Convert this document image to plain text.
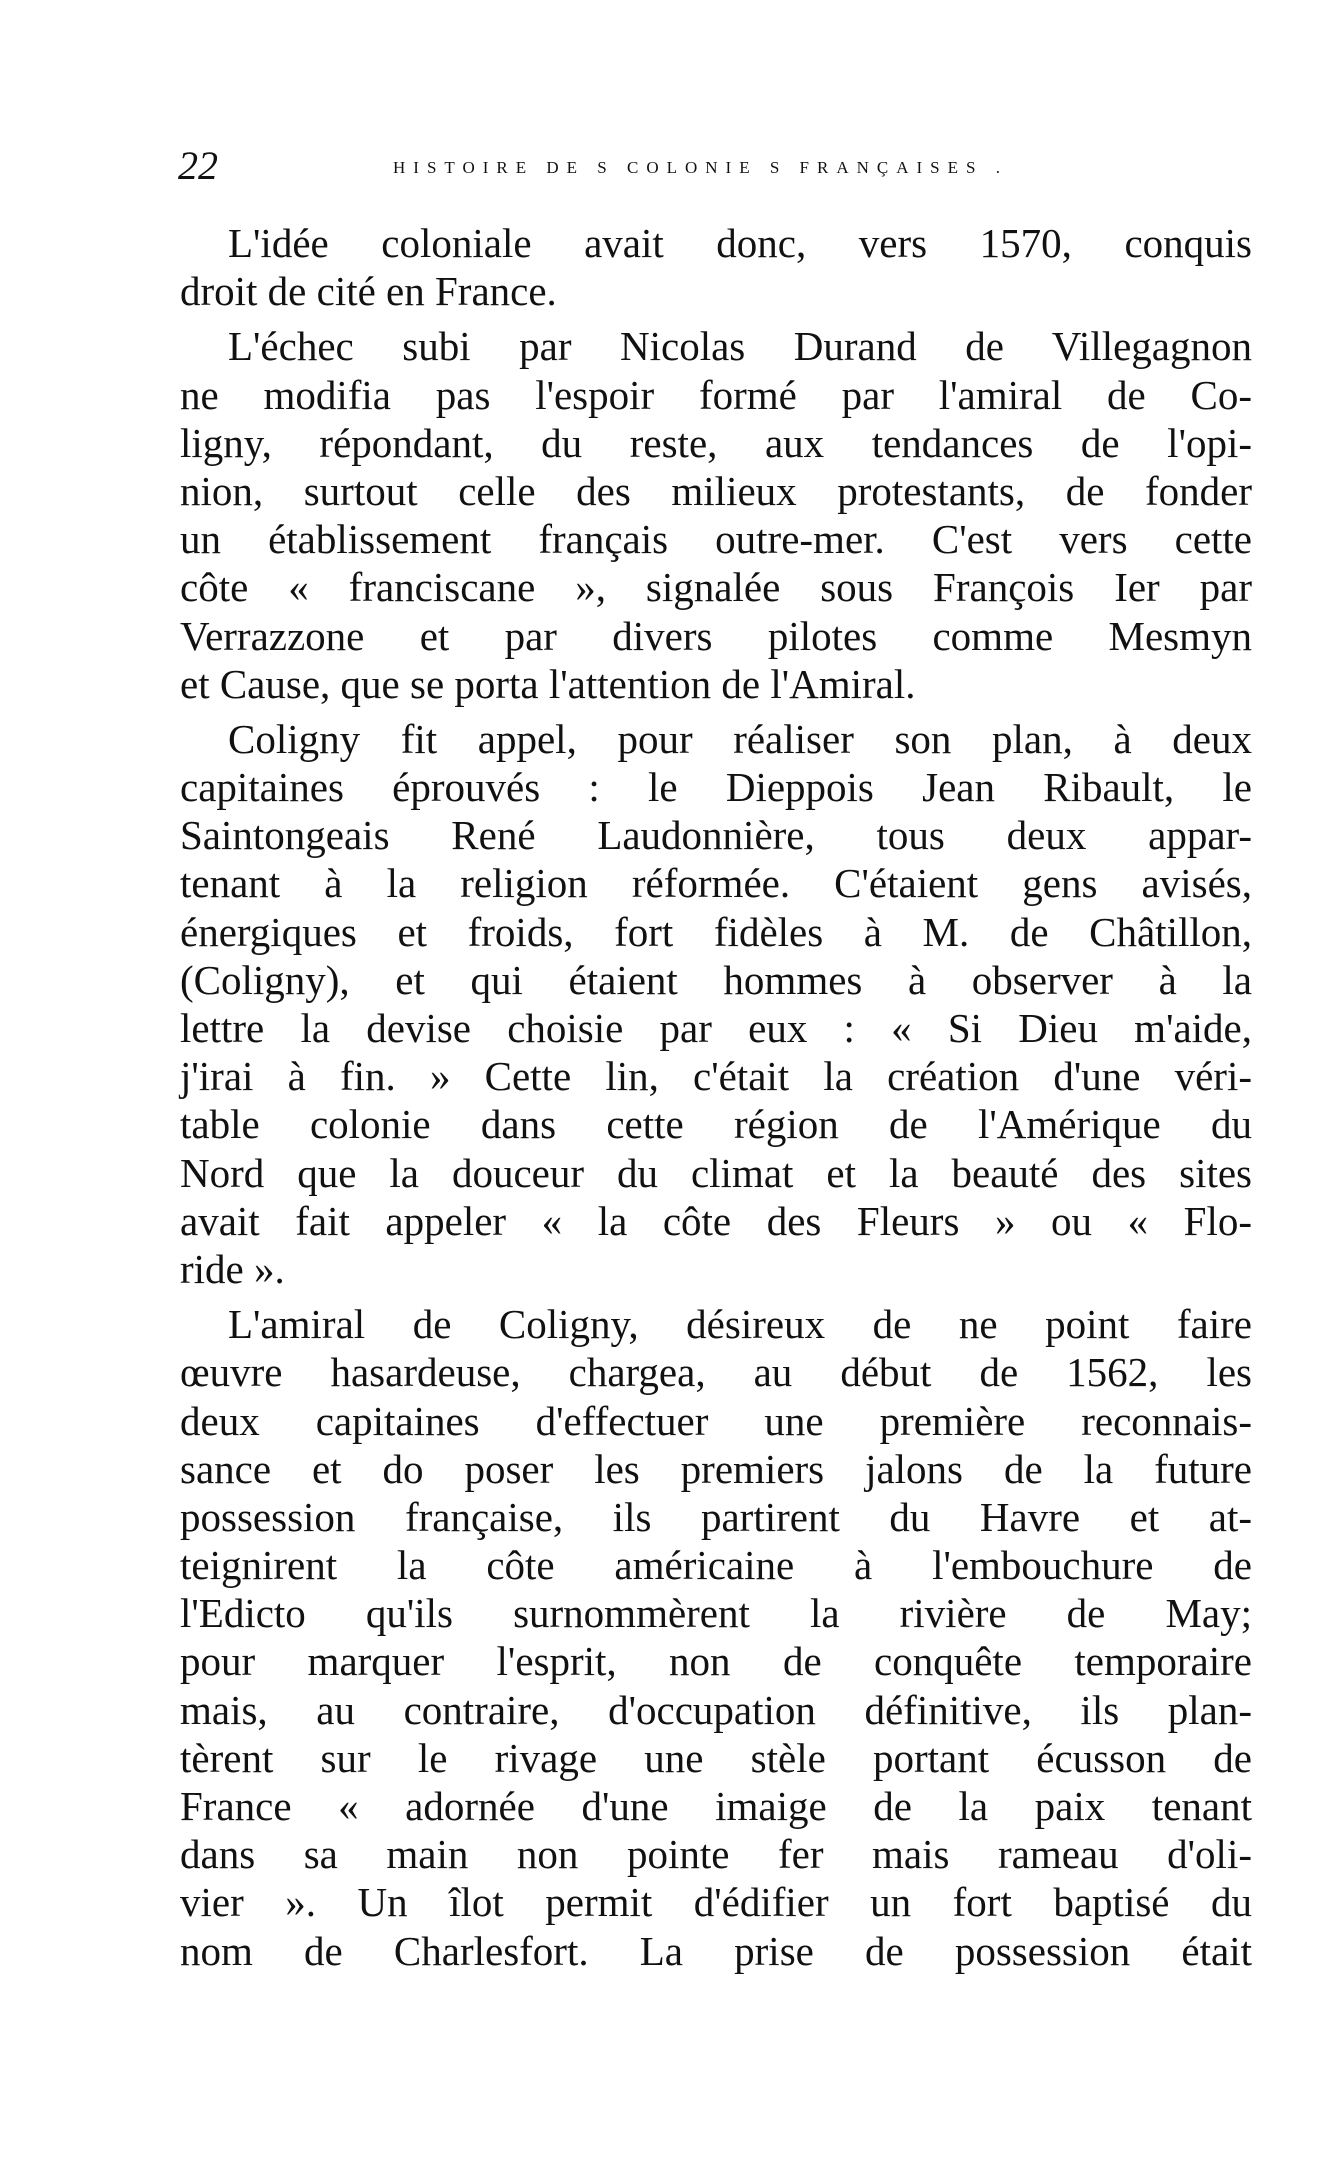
22	HISTOIRE DE S COLONIE S FRANÇAISES .
L'idée coloniale avait donc, vers 1570, conquis
droit de cité en France.
L'échec subi par Nicolas Durand de Villegagnon
ne modifia pas l'espoir formé par l'amiral de Co-
ligny, répondant, du reste, aux tendances de l'opi-
nion, surtout celle des milieux protestants, de fonder
un établissement français outre-mer. C'est vers cette
côte « franciscane », signalée sous François Ier par
Verrazzone et par divers pilotes comme Mesmyn
et Cause, que se porta l'attention de l'Amiral.
Coligny fit appel, pour réaliser son plan, à deux
capitaines éprouvés : le Dieppois Jean Ribault, le
Saintongeais René Laudonnière, tous deux appar-
tenant à la religion réformée. C'étaient gens avisés,
énergiques et froids, fort fidèles à M. de Châtillon,
(Coligny), et qui étaient hommes à observer à la
lettre la devise choisie par eux : « Si Dieu m'aide,
j'irai à fin. » Cette lin, c'était la création d'une véri-
table colonie dans cette région de l'Amérique du
Nord que la douceur du climat et la beauté des sites
avait fait appeler « la côte des Fleurs » ou « Flo-
ride ».
L'amiral de Coligny, désireux de ne point faire
œuvre hasardeuse, chargea, au début de 1562, les
deux capitaines d'effectuer une première reconnais-
sance et do poser les premiers jalons de la future
possession française, ils partirent du Havre et at-
teignirent la côte américaine à l'embouchure de
l'Edicto qu'ils surnommèrent la rivière de May;
pour marquer l'esprit, non de conquête temporaire
mais, au contraire, d'occupation définitive, ils plan-
tèrent sur le rivage une stèle portant écusson de
France « adornée d'une imaige de la paix tenant
dans sa main non pointe fer mais rameau d'oli-
vier ». Un îlot permit d'édifier un fort baptisé du
nom de Charlesfort. La prise de possession était
